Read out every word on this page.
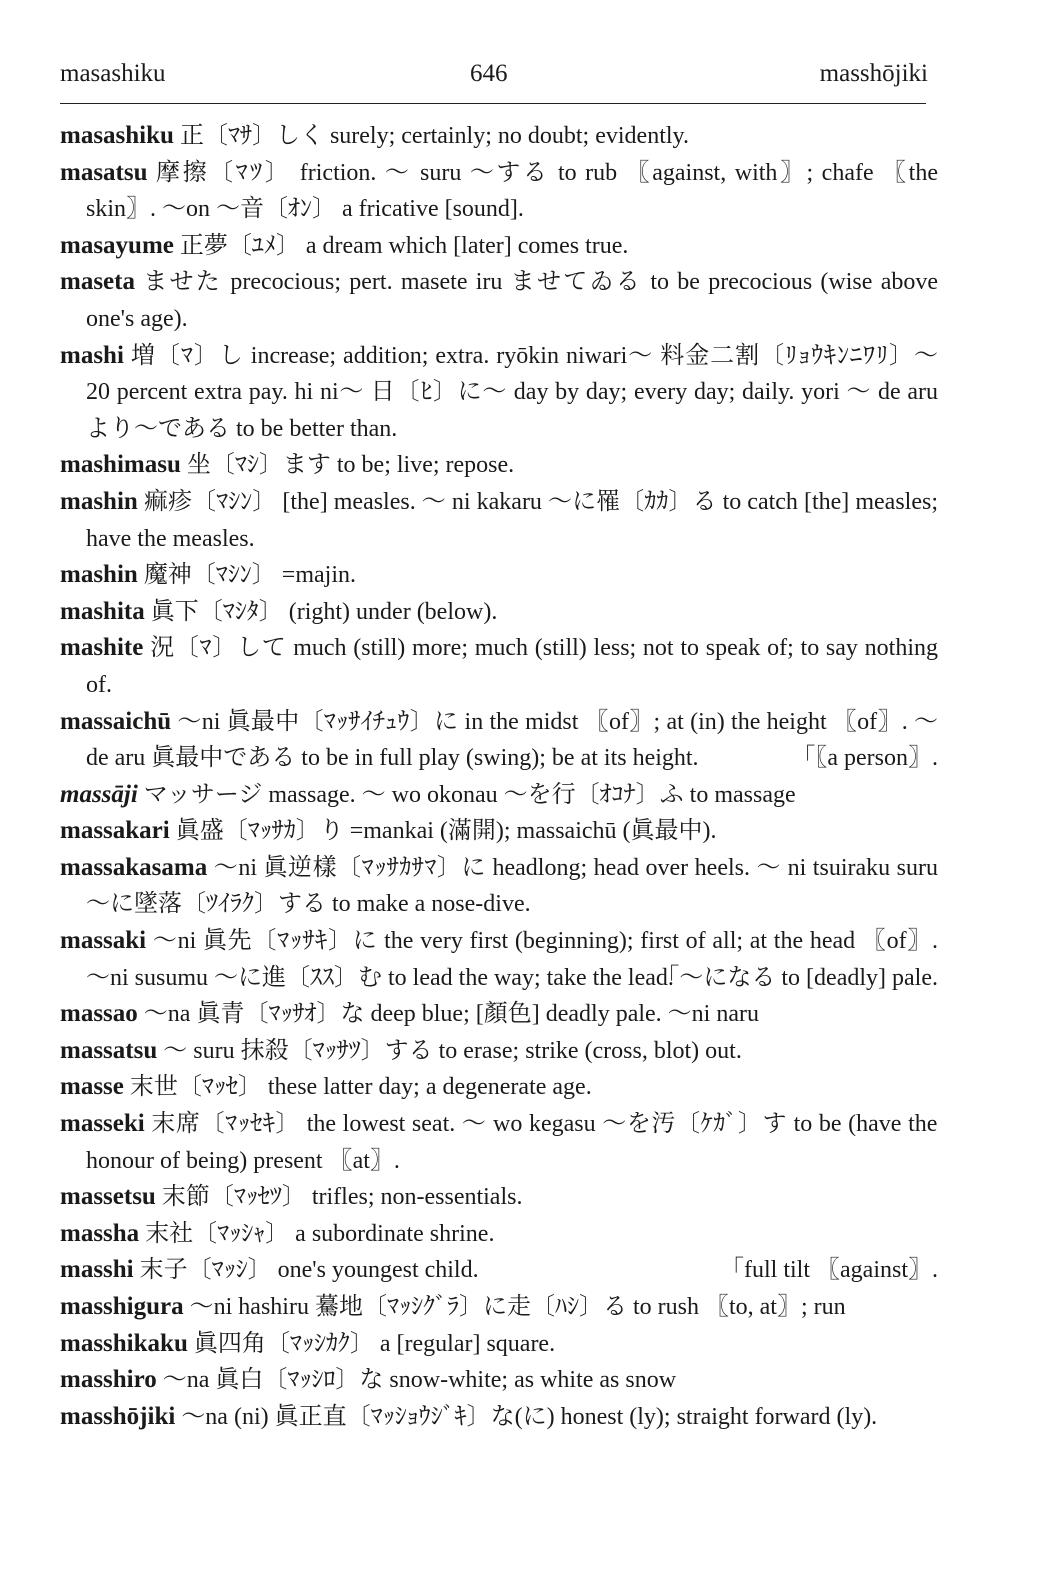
masashiku	646	masshōjiki
masashiku 正〔ﾏｻ〕しく surely; certainly; no doubt; evidently.
masatsu 摩擦〔ﾏﾂ〕 friction. ～ suru ～する to rub 〖against, with〗; chafe 〖the skin〗. ～on ～音〔ｵﾝ〕 a fricative [sound].
masayume 正夢〔ﾕﾒ〕 a dream which [later] comes true.
maseta ませた precocious; pert. masete iru ませてゐる to be precocious (wise above one's age).
mashi 増〔ﾏ〕し increase; addition; extra. ryōkin niwari～ 料金二割〔ﾘｮｳｷﾝﾆﾜﾘ〕～ 20 percent extra pay. hi ni～ 日〔ﾋ〕に～ day by day; every day; daily. yori ～ de aru より～である to be better than.
mashimasu 坐〔ﾏｼ〕ます to be; live; repose.
mashin 痲疹〔ﾏｼﾝ〕 [the] measles. ～ ni kakaru ～に罹〔ｶｶ〕る to catch [the] measles; have the measles.
mashin 魔神〔ﾏｼﾝ〕 =majin.
mashita 眞下〔ﾏｼﾀ〕 (right) under (below).
mashite 況〔ﾏ〕して much (still) more; much (still) less; not to speak of; to say nothing of.
massaichū ～ni 眞最中〔ﾏｯｻｲﾁｭｳ〕に in the midst 〖of〗; at (in) the height 〖of〗. ～de aru 眞最中である to be in full play (swing); be at its height.	「〖a person〗.
massāji マッサージ massage. ～ wo okonau ～を行〔ｵｺﾅ〕ふ to massage
massakari 眞盛〔ﾏｯｻｶ〕り =mankai (滿開); massaichū (眞最中).
massakasama ～ni 眞逆樣〔ﾏｯｻｶｻﾏ〕に headlong; head over heels. ～ ni tsuiraku suru ～に墜落〔ﾂｲﾗｸ〕する to make a nose-dive.
massaki ～ni 眞先〔ﾏｯｻｷ〕に the very first (beginning); first of all; at the head 〖of〗. ～ni susumu ～に進〔ｽｽ〕む to lead the way; take the lead.
「～になる to [deadly] pale.
massao ～na 眞青〔ﾏｯｻｵ〕な deep blue; [顏色] deadly pale. ～ni naru
massatsu ～ suru 抹殺〔ﾏｯｻﾂ〕する to erase; strike (cross, blot) out.
masse 末世〔ﾏｯｾ〕 these latter day; a degenerate age.
masseki 末席〔ﾏｯｾｷ〕 the lowest seat. ～ wo kegasu ～を汚〔ｹｶﾞ〕す to be (have the honour of being) present 〖at〗.
massetsu 末節〔ﾏｯｾﾂ〕 trifles; non-essentials.
massha 末社〔ﾏｯｼｬ〕 a subordinate shrine.
masshi 末子〔ﾏｯｼ〕 one's youngest child.	「full tilt 〖against〗.
masshigura ～ni hashiru 驀地〔ﾏｯｼｸﾞﾗ〕に走〔ﾊｼ〕る to rush 〖to, at〗; run
masshikaku 眞四角〔ﾏｯｼｶｸ〕 a [regular] square.
masshiro ～na 眞白〔ﾏｯｼﾛ〕な snow-white; as white as snow
masshōjiki ～na (ni) 眞正直〔ﾏｯｼｮｳｼﾞｷ〕な(に) honest (ly); straight forward (ly).
